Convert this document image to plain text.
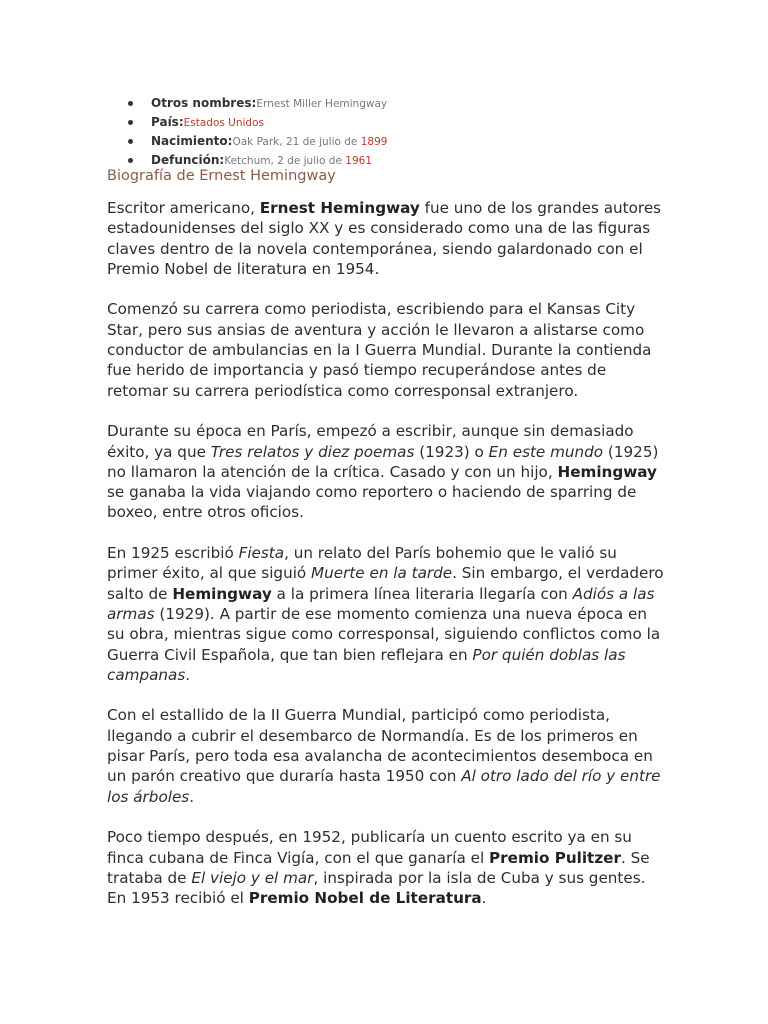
Otros nombres:Ernest Miller Hemingway
País:Estados Unidos
Nacimiento:Oak Park, 21 de julio de 1899
Defunción:Ketchum, 2 de julio de 1961
Biografía de Ernest Hemingway

Escritor americano, Ernest Hemingway fue uno de los grandes autores estadounidenses del siglo XX y es considerado como una de las figuras claves dentro de la novela contemporánea, siendo galardonado con el Premio Nobel de literatura en 1954.

Comenzó su carrera como periodista, escribiendo para el Kansas City Star, pero sus ansias de aventura y acción le llevaron a alistarse como conductor de ambulancias en la I Guerra Mundial. Durante la contienda fue herido de importancia y pasó tiempo recuperándose antes de retomar su carrera periodística como corresponsal extranjero.

Durante su época en París, empezó a escribir, aunque sin demasiado éxito, ya que Tres relatos y diez poemas (1923) o En este mundo (1925) no llamaron la atención de la crítica. Casado y con un hijo, Hemingway se ganaba la vida viajando como reportero o haciendo de sparring de boxeo, entre otros oficios.

En 1925 escribió Fiesta, un relato del París bohemio que le valió su primer éxito, al que siguió Muerte en la tarde. Sin embargo, el verdadero salto de Hemingway a la primera línea literaria llegaría con Adiós a las armas (1929). A partir de ese momento comienza una nueva época en su obra, mientras sigue como corresponsal, siguiendo conflictos como la Guerra Civil Española, que tan bien reflejara en Por quién doblas las campanas.

Con el estallido de la II Guerra Mundial, participó como periodista, llegando a cubrir el desembarco de Normandía. Es de los primeros en pisar París, pero toda esa avalancha de acontecimientos desemboca en un parón creativo que duraría hasta 1950 con Al otro lado del río y entre los árboles.

Poco tiempo después, en 1952, publicaría un cuento escrito ya en su finca cubana de Finca Vigía, con el que ganaría el Premio Pulitzer. Se trataba de El viejo y el mar, inspirada por la isla de Cuba y sus gentes. En 1953 recibió el Premio Nobel de Literatura.
